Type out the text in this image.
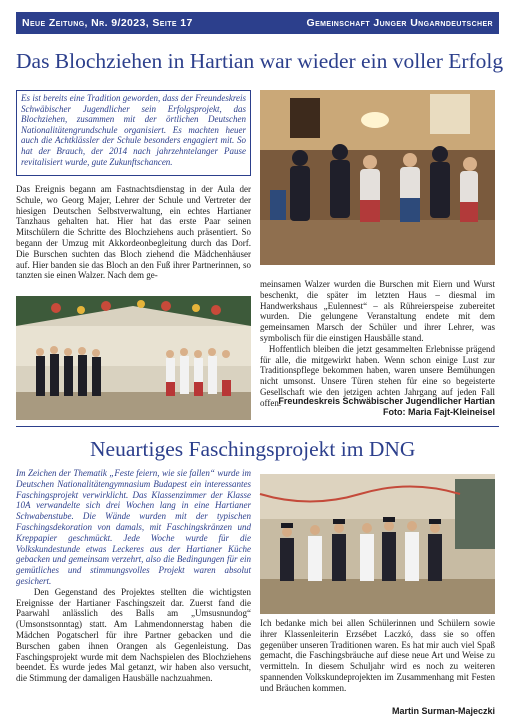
Neue Zeitung, Nr. 9/2023, Seite 17	Gemeinschaft Junger Ungarndeutscher
Das Blochziehen in Hartian war wieder ein voller Erfolg
Es ist bereits eine Tradition geworden, dass der Freundeskreis Schwäbischer Jugendlicher sein Erfolgsprojekt, das Blochziehen, zusammen mit der örtlichen Deutschen Nationalitätengrundschule organisiert. Es machten heuer auch die Achtklässler der Schule besonders engagiert mit. So hat der Brauch, der 2014 nach jahrzehntelanger Pause revitalisiert wurde, gute Zukunftschancen.

Das Ereignis begann am Fastnachtsdienstag in der Aula der Schule, wo Georg Majer, Lehrer der Schule und Vertreter der hiesigen Deutschen Selbstverwaltung, ein echtes Hartianer Tanzhaus gehalten hat. Hier hat das erste Paar seinen Mitschülern die Schritte des Blochziehens auch präsentiert. So begann der Umzug mit Akkordeonbegleitung durch das Dorf. Die Burschen suchten das Bloch ziehend die Mädchenhäuser auf. Hier banden sie das Bloch an den Fuß ihrer Partnerinnen, so tanzten sie einen Walzer. Nach dem ge-

meinsamen Walzer wurden die Burschen mit Eiern und Wurst beschenkt, die später im letzten Haus – diesmal im Handwerkshaus „Eulennest“ – als Rühreierspeise zubereitet wurden. Die gelungene Veranstaltung endete mit dem gemeinsamen Marsch der Schüler und ihrer Lehrer, was symbolisch für die einstigen Hausbälle stand.
Hoffentlich bleiben die jetzt gesammelten Erlebnisse prägend für alle, die mitgewirkt haben. Wenn schon einige Lust zur Traditionspflege bekommen haben, waren unsere Bemühungen nicht umsonst. Unsere Türen stehen für eine so begeisterte Gesellschaft wie den jetzigen achten Jahrgang auf jeden Fall offen.

Freundeskreis Schwäbischer Jugendlicher Hartian
Foto: Maria Fajt-Kleineisel
Neuartiges Faschingsprojekt im DNG

Im Zeichen der Thematik „Feste feiern, wie sie fallen“ wurde im Deutschen Nationalitätengymnasium Budapest ein interessantes Faschingsprojekt verwirklicht. Das Klassenzimmer der Klasse 10A verwandelte sich drei Wochen lang in eine Hartianer Schwabenstube. Die Wände wurden mit der typischen Faschingsdekoration von damals, mit Faschingskränzen und Kreppapier geschmückt. Jede Woche wurde für die Volkskundestunde etwas Leckeres aus der Hartianer Küche gebacken und gemeinsam verzehrt, also die Bedingungen für ein gemütliches und stimmungsvolles Projekt waren absolut gesichert.
Den Gegenstand des Projektes stellten die wichtigsten Ereignisse der Hartianer Faschingszeit dar. Zuerst fand die Paarwahl anlässlich des Balls am „Umsusnundog“ (Umsonstsonntag) statt. Am Lahmendonnerstag haben die Mädchen Pogatscherl für ihre Partner gebacken und die Burschen gaben ihnen Orangen als Gegenleistung. Das Faschingsprojekt wurde mit dem Nachspielen des Blochziehens beendet. Es wurde jedes Mal getanzt, wir haben also versucht, die Stimmung der damaligen Hausbälle nachzuahmen.

Ich bedanke mich bei allen Schülerinnen und Schülern sowie ihrer Klassenleiterin Erzsébet Laczkó, dass sie so offen gegenüber unseren Traditionen waren. Es hat mir auch viel Spaß gemacht, die Faschingsbräuche auf diese neue Art und Weise zu vermitteln. In diesem Schuljahr wird es noch zu weiteren spannenden Volkskundeprojekten im Zusammenhang mit Festen und Bräuchen kommen.

Martin Surman-Majeczki
